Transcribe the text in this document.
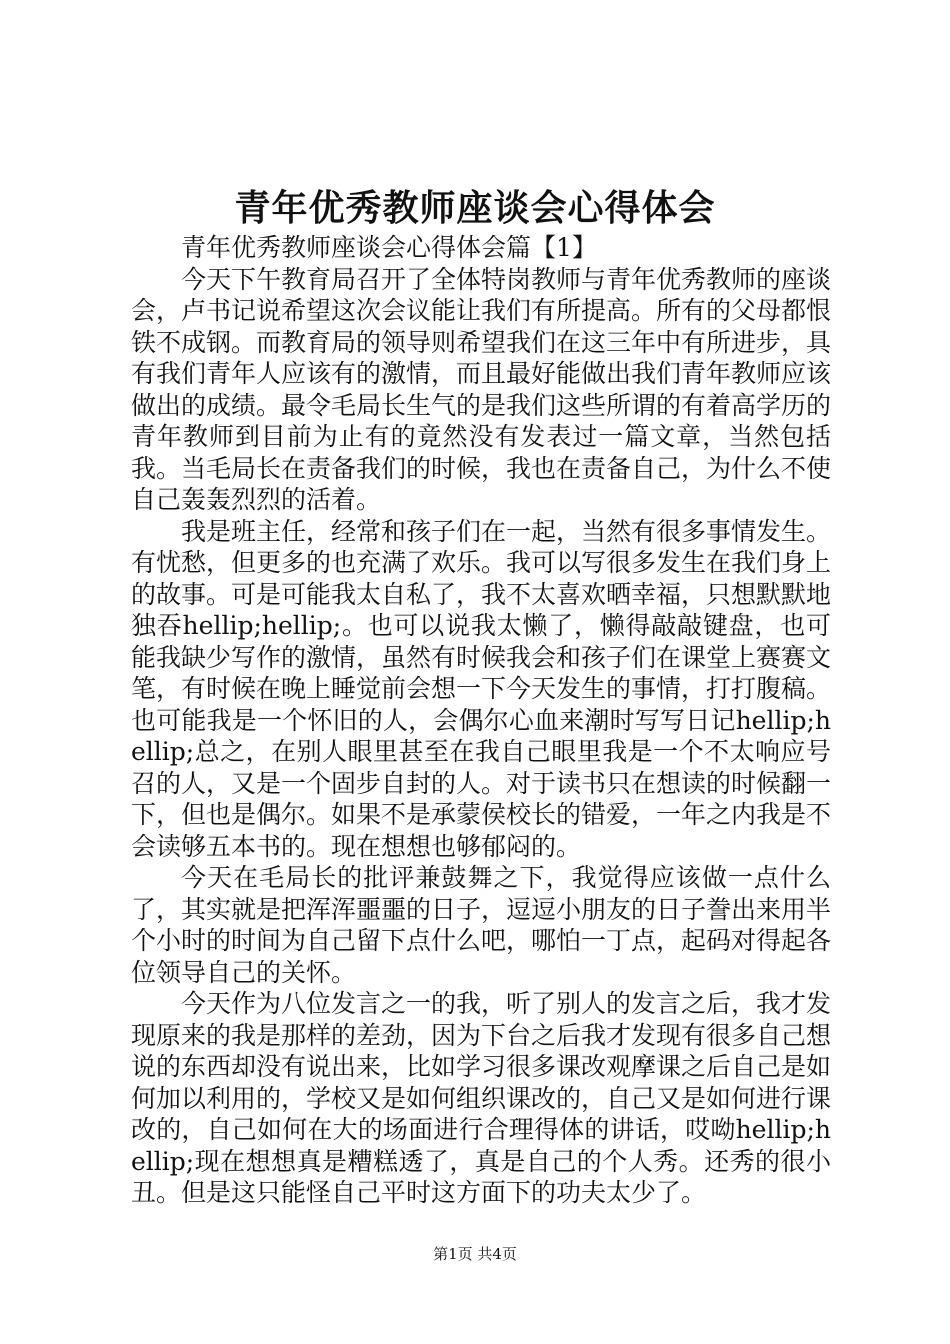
青年优秀教师座谈会心得体会

青年优秀教师座谈会心得体会篇【1】

今天下午教育局召开了全体特岗教师与青年优秀教师的座谈会，卢书记说希望这次会议能让我们有所提高。所有的父母都恨铁不成钢。而教育局的领导则希望我们在这三年中有所进步，具有我们青年人应该有的激情，而且最好能做出我们青年教师应该做出的成绩。最令毛局长生气的是我们这些所谓的有着高学历的青年教师到目前为止有的竟然没有发表过一篇文章，当然包括我。当毛局长在责备我们的时候，我也在责备自己，为什么不使自己轰轰烈烈的活着。

我是班主任，经常和孩子们在一起，当然有很多事情发生。有忧愁，但更多的也充满了欢乐。我可以写很多发生在我们身上的故事。可是可能我太自私了，我不太喜欢晒幸福，只想默默地独吞hellip;hellip;。也可以说我太懒了，懒得敲敲键盘，也可能我缺少写作的激情，虽然有时候我会和孩子们在课堂上赛赛文笔，有时候在晚上睡觉前会想一下今天发生的事情，打打腹稿。也可能我是一个怀旧的人，会偶尔心血来潮时写写日记hellip;hellip;总之，在别人眼里甚至在我自己眼里我是一个不太响应号召的人，又是一个固步自封的人。对于读书只在想读的时候翻一下，但也是偶尔。如果不是承蒙侯校长的错爱，一年之内我是不会读够五本书的。现在想想也够郁闷的。

今天在毛局长的批评兼鼓舞之下，我觉得应该做一点什么了，其实就是把浑浑噩噩的日子，逗逗小朋友的日子誊出来用半个小时的时间为自己留下点什么吧，哪怕一丁点，起码对得起各位领导自己的关怀。

今天作为八位发言之一的我，听了别人的发言之后，我才发现原来的我是那样的差劲，因为下台之后我才发现有很多自己想说的东西却没有说出来，比如学习很多课改观摩课之后自己是如何加以利用的，学校又是如何组织课改的，自己又是如何进行课改的，自己如何在大的场面进行合理得体的讲话，哎呦hellip;hellip;现在想想真是糟糕透了，真是自己的个人秀。还秀的很小丑。但是这只能怪自己平时这方面下的功夫太少了。

第1页 共4页
